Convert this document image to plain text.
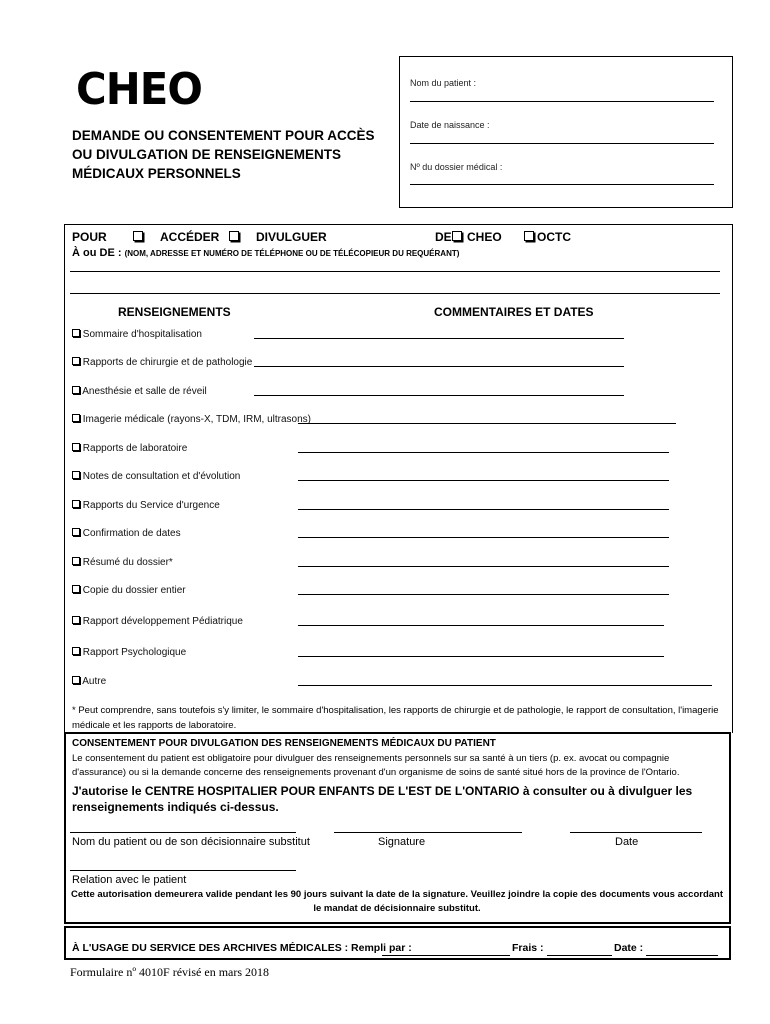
CHEO
DEMANDE OU CONSENTEMENT POUR ACCÈS OU DIVULGATION DE RENSEIGNEMENTS MÉDICAUX PERSONNELS
Nom du patient :
Date de naissance :
Nº du dossier médical :
POUR	ACCÉDER	DIVULGUER	DE CHEO	OCTC
À ou DE : (NOM, ADRESSE ET NUMÉRO DE TÉLÉPHONE OU DE TÉLÉCOPIEUR DU REQUÉRANT)
RENSEIGNEMENTS	COMMENTAIRES ET DATES
Sommaire d'hospitalisation
Rapports de chirurgie et de pathologie
Anesthésie et salle de réveil
Imagerie médicale (rayons-X, TDM, IRM, ultrasons)
Rapports de laboratoire
Notes de consultation et d'évolution
Rapports du Service d'urgence
Confirmation de dates
Résumé du dossier*
Copie du dossier entier
Rapport développement Pédiatrique
Rapport Psychologique
Autre
* Peut comprendre, sans toutefois s'y limiter, le sommaire d'hospitalisation, les rapports de chirurgie et de pathologie, le rapport de consultation, l'imagerie médicale et les rapports de laboratoire.
CONSENTEMENT POUR DIVULGATION DES RENSEIGNEMENTS MÉDICAUX DU PATIENT
Le consentement du patient est obligatoire pour divulguer des renseignements personnels sur sa santé à un tiers (p. ex. avocat ou compagnie d'assurance) ou si la demande concerne des renseignements provenant d'un organisme de soins de santé situé hors de la province de l'Ontario.
J'autorise le CENTRE HOSPITALIER POUR ENFANTS DE L'EST DE L'ONTARIO à consulter ou à divulguer les renseignements indiqués ci-dessus.
Nom du patient ou de son décisionnaire substitut	Signature	Date
Relation avec le patient
Cette autorisation demeurera valide pendant les 90 jours suivant la date de la signature. Veuillez joindre la copie des documents vous accordant le mandat de décisionnaire substitut.
À L'USAGE DU SERVICE DES ARCHIVES MÉDICALES : Rempli par :	Frais :	Date :
Formulaire nº 4010F révisé en mars 2018
